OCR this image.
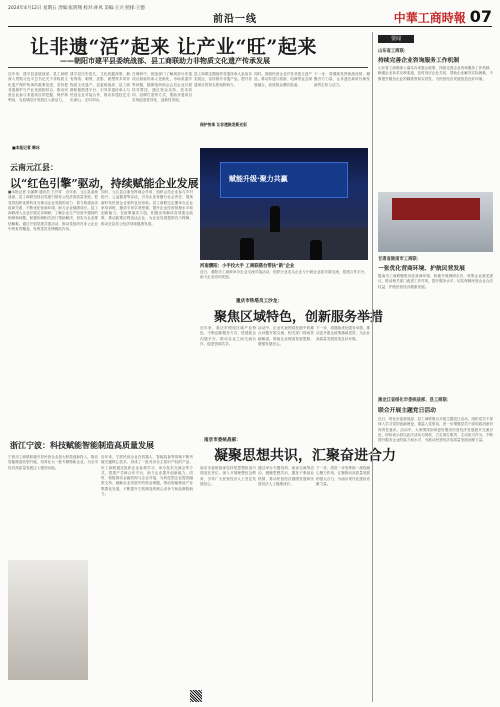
2024年4月12日 星期五 责编:张鸿翔 校对:孙凤 美编:王兴 照排:王德
前沿一线	中華工商時報 07
让非遗“活”起来 让产业“旺”起来
——朝阳市建平县委统战部、县工商联助力非物质文化遗产传承发展
近年来，建平县委统战部、县工商联深入贯彻习近平总书记关于非物质文化遗产保护传承的重要论述，坚持把非遗保护与产业发展相结合，推动民营企业参与非遗项目的挖掘、保护和利用，为县域经济发展注入新活力。
■本报记者 韩冰
建平县历史悠久，文化底蕴深厚，拥有剪纸、刺绣、皮影、面塑等多项非物质文化遗产。县委统战部、县工商联积极搭建平台，引导非遗传承人与民营企业对接合作，推动非遗技艺走出深山、走向市场。
在调研中，统战部门了解到部分非遗项目面临传承人老龄化、市场渠道窄等问题，随即组织商会会员企业开展结对帮扶，通过资金支持、技术培训、品牌打造等方式，帮助非遗项目实现创造性转化、创新性发展。
保护传承 让非遗焕发新光彩
县工商联定期组织非遗传承人参加各类展会，宣传推介非遗产品，提升非遗项目的知名度和影响力。
同时，鼓励民营企业开发非遗文创产品，推动非遗与旅游、电商等业态深度融合，拓宽群众增收渠道。
下一步，将继续发挥统战优势，凝聚各方力量，让非遗在新时代焕发新的生机与活力。
云南元江县：
以“红色引擎”驱动，持续赋能企业发展
■本报记者 毛丽辉 通讯员 王开祥　近年来，元江县委统战部、县工商联坚持以党建引领非公经济高质量发展，把党的组织优势转化为推动企业发展的动力，着力构建亲清政商关系，不断优化营商环境，助力企业健康成长。县工商联深入企业开展走访调研，了解企业生产经营中遇到的困难和问题，积极协调相关部门帮助解决，切实为企业排忧解难。通过开展党建共建活动，推动党组织在非公企业中的有效覆盖，发挥党员先锋模范作用。
同时，元江县注重发挥商会作用，组织会员企业参与乡村振兴、公益慈善等活动，引导企业家履行社会责任，展现新时代民营企业家的良好形象。县工商联还定期举办企业家培训班，邀请专家学者授课，提升企业经营管理水平和创新能力。在政策落实方面，积极宣传解读各项惠企政策，推动政策红利直达企业，为企业发展提供有力保障，推动全县非公经济持续健康发展。
赋能升级·聚力共赢
河南濮阳：小手拉大手 工商联搭台帮扶“新”企业
近日，濮阳市工商联举办企业交流对接活动，组织行业龙头企业与小微企业面对面交流，搭建合作平台，助力企业协同发展。
重庆市铁塔员工沙龙：
聚焦区域特色，创新服务举措
近年来，重庆市围绕区域产业特色，不断创新服务方式，搭建政企沟通平台，推动企业之间交流合作，促进资源共享。
活动中，企业代表围绕发展中的难点问题开展交流，相关部门现场答疑解惑，帮助企业理清发展思路，增强发展信心。
下一步，将继续优化服务举措，推动更多惠企政策落地见效，为企业高质量发展营造良好环境。
浙江宁波：科技赋能智能制造高质量发展
宁波市工商联积极引导民营企业加大科技创新投入，推动智能制造转型升级，培育壮大一批专精特新企业，为全市经济高质量发展注入强劲动能。
近年来，宁波民营企业在机器人、智能装备等领域不断突破关键核心技术，形成了一批具有自主知识产权的产品。市工商联通过组织企业参观学习、举办技术交流会等方式，搭建产学研合作平台，助力企业提升创新能力。同时，积极推动金融机构与企业对接，为科技型企业提供融资支持，破解企业发展中的资金难题，推动智能制造产业集群化发展，不断提升宁波制造的核心竞争力和品牌影响力。
南京市委统战部：
凝聚思想共识，汇聚奋进合力
南京市委统战部坚持把思想政治引领放在首位，深入开展理想信念教育，引导广大民营经济人士坚定发展信心。
通过举办专题培训、座谈交流等活动，凝聚思想共识，激发干事创业热情，推动民营经济健康发展和民营经济人士健康成长。
下一步，将进一步发挥统一战线凝心聚力作用，汇聚推动高质量发展的强大合力，为南京现代化建设贡献力量。
要闻
山东省工商联：
持续完善企业咨询服务工作机制
山东省工商联深入落实各项惠企政策，持续完善企业咨询服务工作机制，畅通企业诉求反映渠道，及时回应企业关切，帮助企业解决实际困难，不断提升服务企业的精准度和实效性，为民营经济发展营造良好环境。
甘肃省陇南市工商联：
一张优化营商环境、护航民营发展
陇南市工商联聚焦优化营商环境，积极开展调研走访，收集企业意见建议，推动相关部门改进工作作风，提升服务水平，切实保障民营企业合法权益，护航民营经济健康发展。
黑龙江省绥化市委统战部、县工商联：
联合开展主题党日活动
近日，绥化市委统战部、县工商联联合开展主题党日活动，组织党员干部深入学习党的创新理论，重温入党誓词，进一步增强党员干部的政治意识和责任意识。活动中，大家围绕如何更好服务民营经济发展展开交流讨论，纷纷表示将以此次活动为契机，立足岗位职责，主动担当作为，不断提升服务企业的能力和水平，为推动民营经济高质量发展贡献力量。
